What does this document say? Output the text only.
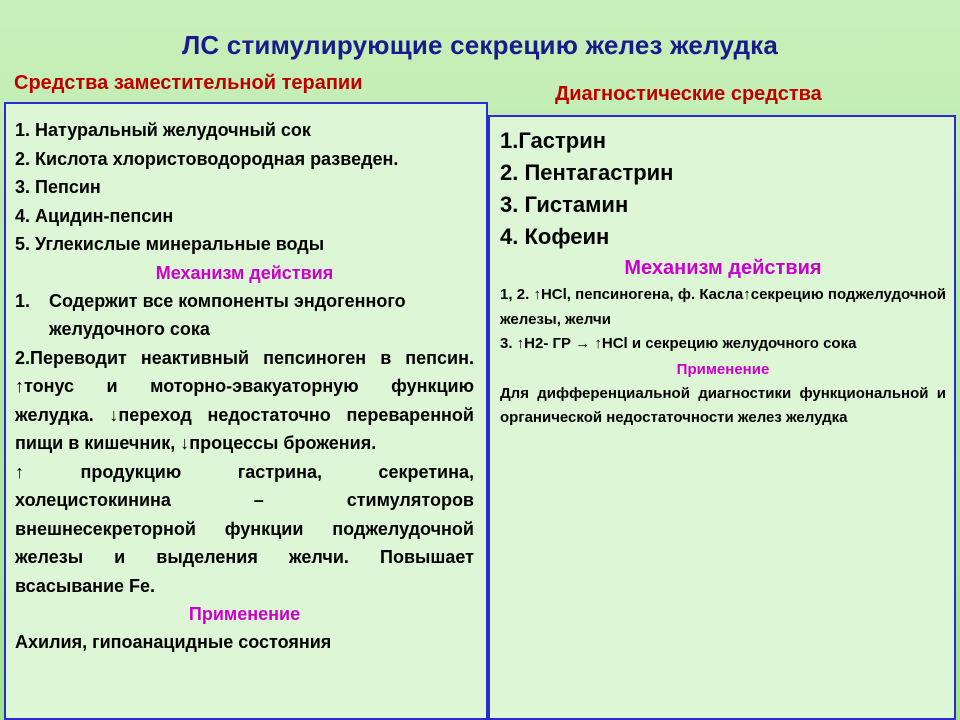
ЛС стимулирующие секрецию желез желудка
Средства заместительной терапии	Диагностические средства
1. Натуральный желудочный сок
2. Кислота хлористоводородная разведен.
3. Пепсин
4. Ацидин-пепсин
5. Углекислые минеральные воды
Механизм действия
1.	Содержит все компоненты эндогенного желудочного сока
2.Переводит неактивный пепсиноген в пепсин. ↑тонус и моторно-эвакуаторную функцию желудка. ↓переход недостаточно переваренной пищи в кишечник, ↓процессы брожения.
↑ продукцию гастрина, секретина, холецистокинина – стимуляторов внешнесекреторной функции поджелудочной железы и выделения желчи. Повышает всасывание Fe.
Применение
Ахилия, гипоанацидные состояния
1.Гастрин
2. Пентагастрин
3. Гистамин
4. Кофеин
Механизм действия
1, 2. ↑HCl, пепсиногена, ф. Касла↑секрецию поджелудочной железы, желчи
3. ↑H2- ГР → ↑HCl и секрецию желудочного сока
Применение
Для дифференциальной диагностики функциональной и органической недостаточности желез желудка
